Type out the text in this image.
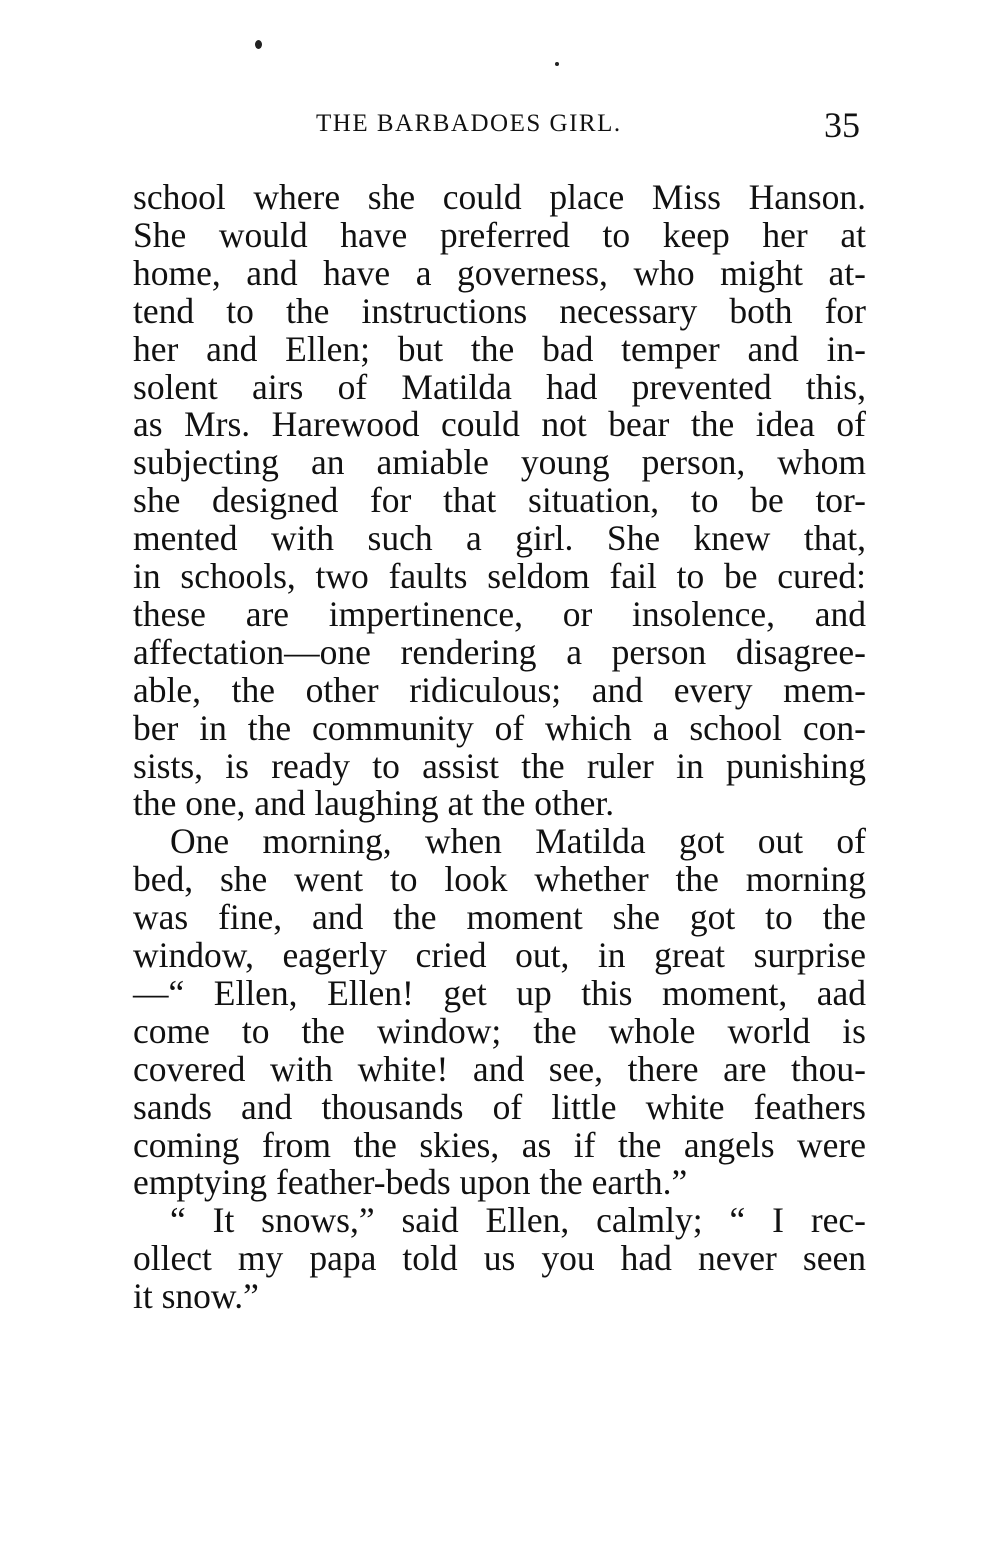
THE BARBADOES GIRL.	35
school where she could place Miss Hanson.
She would have preferred to keep her at
home, and have a governess, who might at-
tend to the instructions necessary both for
her and Ellen; but the bad temper and in-
solent airs of Matilda had prevented this,
as Mrs. Harewood could not bear the idea of
subjecting an amiable young person, whom
she designed for that situation, to be tor-
mented with such a girl. She knew that,
in schools, two faults seldom fail to be cured:
these are impertinence, or insolence, and
affectation—one rendering a person disagree-
able, the other ridiculous; and every mem-
ber in the community of which a school con-
sists, is ready to assist the ruler in punishing
the one, and laughing at the other.
One morning, when Matilda got out of
bed, she went to look whether the morning
was fine, and the moment she got to the
window, eagerly cried out, in great surprise
—“ Ellen, Ellen! get up this moment, aad
come to the window; the whole world is
covered with white! and see, there are thou-
sands and thousands of little white feathers
coming from the skies, as if the angels were
emptying feather-beds upon the earth.”
“ It snows,” said Ellen, calmly; “ I rec-
ollect my papa told us you had never seen
it snow.”
